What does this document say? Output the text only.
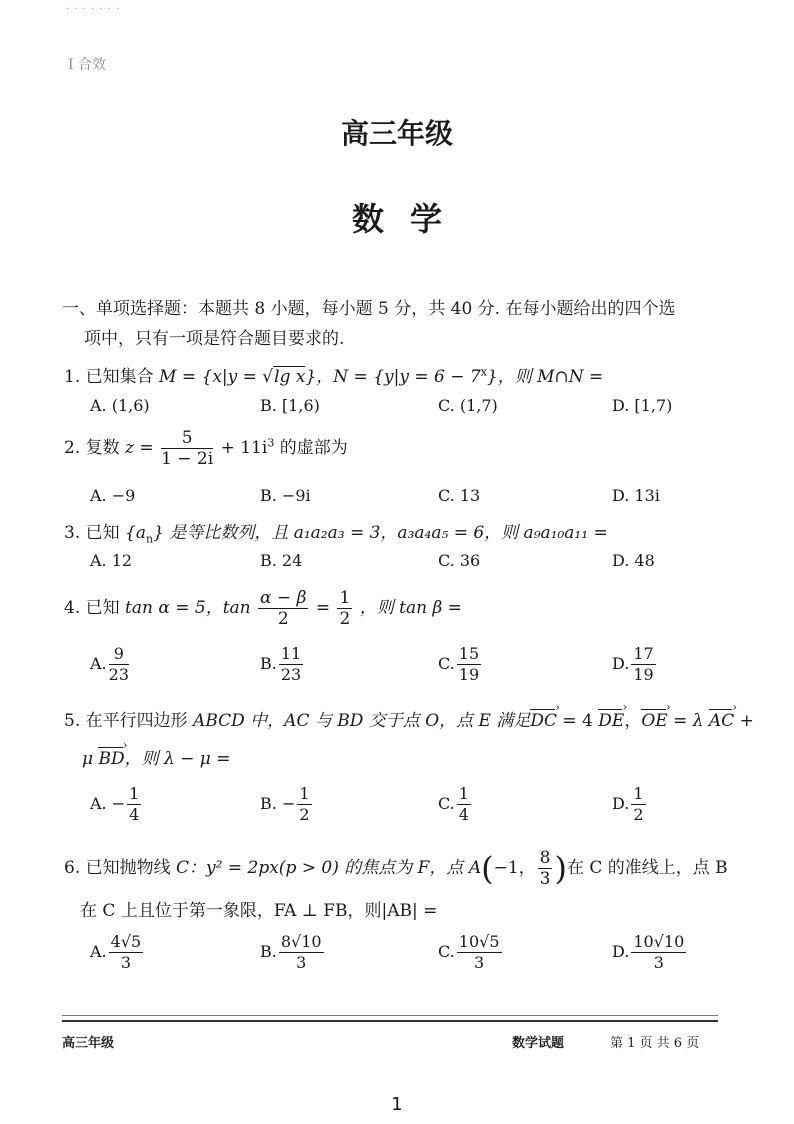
· · · · · · ·
Ⅰ 合效
高三年级
数学
一、单项选择题：本题共 8 小题，每小题 5 分，共 40 分. 在每小题给出的四个选
项中，只有一项是符合题目要求的.
1. 已知集合 M = {x|y = √lg x}，$N = \{y|y = 6 - 7^x\}$，则 M∩N =
A. (1,6)	B. [1,6)	C. (1,7)	D. [1,7)
2. 复数 $z = \frac{5}{1 - 2i} + 11i^3$ 的虚部为
A. −9	B. −9i	C. 13	D. 13i
3. 已知 $\{a_n\}$ 是等比数列，且 a₁a₂a₃ = 3，a₃a₄a₅ = 6，则 a₉a₁₀a₁₁ =
A. 12	B. 24	C. 36	D. 48
4. 已知 tan α = 5，$\tan \frac{\alpha - \beta}{2} = \frac{1}{2}$ ，则 tan β =
A. $\frac{9}{23}$	B. $\frac{11}{23}$	C. $\frac{15}{19}$	D. $\frac{17}{19}$
5. 在平行四边形 ABCD 中，AC 与 BD 交于点 O，点 E 满足DC › = 4 DE ›，OE › = λ AC › +
μ BD ›，则 λ − μ =
A. − $\frac{1}{4}$	B. − $\frac{1}{2}$	C. $\frac{1}{4}$	D. $\frac{1}{2}$
6. 已知抛物线 C：y² = 2px(p > 0) 的焦点为 F，点 A(−1， $\frac{8}{3}$ )在 C 的准线上，点 B
在 C 上且位于第一象限，FA ⊥ FB，则|AB| =
A. $\frac{4√5}{3}$	B. $\frac{8√10}{3}$	C. $\frac{10√5}{3}$	D. $\frac{10√10}{3}$
高三年级	数学试题	第 1 页 共 6 页
1
